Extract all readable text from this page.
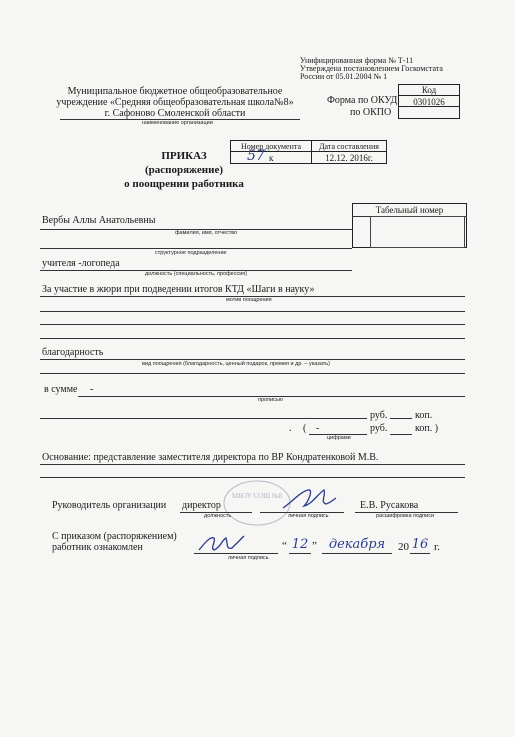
Унифицированная форма № Т-11
Утверждена постановлением Госкомстата
России от 05.01.2004 № 1
Муниципальное бюджетное общеобразовательное
учреждение «Средняя общеобразовательная школа№8»
г. Сафоново Смоленской области
наименование организации
Код
0301026
Форма по ОКУД
по ОКПО
Номер документа	Дата составления
57 к	12.12. 2016г.
ПРИКАЗ
(распоряжение)
о поощрении работника
Табельный номер
Вербы Аллы Анатольевны
фамилия, имя, отчество
структурное подразделение
учителя -логопеда
должность (специальность, профессия)
За участие в жюри при подведении итогов КТД «Шаги в науку»
мотив поощрения
благодарность
вид поощрения (благодарность, ценный подарок, премия и др. – указать)
в сумме -
прописью
руб.	коп.
. ( -
цифрами
руб.	коп. )
Основание: представление заместителя директора по ВР Кондратенковой М.В.
МБОУ СОШ №8
Руководитель организации директор
должность	личная подпись
Е.В. Русакова
расшифровка подписи
С приказом (распоряжением)
работник ознакомлен
личная подпись
“ 12 ” декабря	20 16 г.
